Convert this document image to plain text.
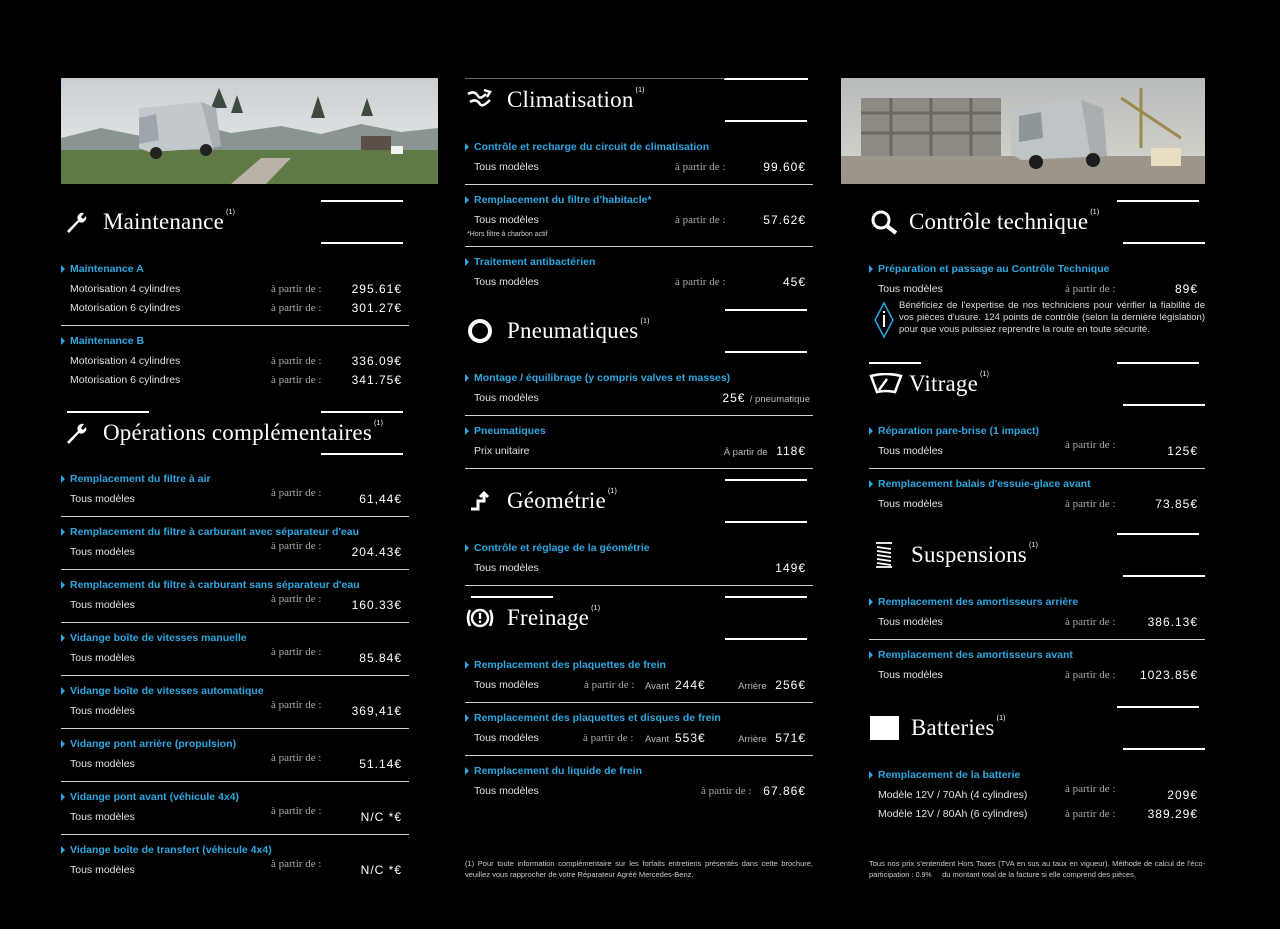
Maintenance $^{(1)}$
Maintenance A
Motorisation 4 cylindres	à partir de :	295.61€
Motorisation 6 cylindres	à partir de :	301.27€
Maintenance B
Motorisation 4 cylindres	à partir de :	336.09€
Motorisation 6 cylindres	à partir de :	341.75€
Opérations complémentaires $^{(1)}$
Remplacement du filtre à air
Tous modèles	à partir de :	61,44€
Remplacement du filtre à carburant avec séparateur d'eau
Tous modèles	à partir de :	204.43€
Remplacement du filtre à carburant sans séparateur d'eau
Tous modèles	à partir de :	160.33€
Vidange boîte de vitesses manuelle
Tous modèles	à partir de :	85.84€
Vidange boîte de vitesses automatique
Tous modèles	à partir de :	369,41€
Vidange pont arrière (propulsion)
Tous modèles	à partir de :	51.14€
Vidange pont avant (véhicule 4x4)
Tous modèles	à partir de :	N/C *€
Vidange boîte de transfert (véhicule 4x4)
Tous modèles	à partir de :	N/C *€
Climatisation $^{(1)}$
Contrôle et recharge du circuit de climatisation
Tous modèles	à partir de :	99.60€
Remplacement du filtre d'habitacle*
Tous modèles	à partir de :	57.62€
*Hors filtre à charbon actif
Traitement antibactérien
Tous modèles	à partir de :	45€
Pneumatiques $^{(1)}$
Montage / équilibrage (y compris valves et masses)
Tous modèles	25€ / pneumatique
Pneumatiques
Prix unitaire	À partir de 118€
Géométrie $^{(1)}$
Contrôle et réglage de la géométrie
Tous modèles	149€
Freinage $^{(1)}$
Remplacement des plaquettes de frein
Tous modèles	à partir de : Avant 244€	Arrière 256€
Remplacement des plaquettes et disques de frein
Tous modèles	à partir de : Avant 553€	Arrière 571€
Remplacement du liquide de frein
Tous modèles	à partir de : 67.86€
(1) Pour toute information complémentaire sur les forfaits entretiens présentés dans cette brochure, veuillez vous rapprocher de votre Réparateur Agréé Mercedes-Benz.
Contrôle technique $^{(1)}$
Préparation et passage au Contrôle Technique
Tous modèles	à partir de :	89€
Bénéficiez de l'expertise de nos techniciens pour vérifier la fiabilité de vos pièces d'usure. 124 points de contrôle (selon la dernière législation) pour que vous puissiez reprendre la route en toute sécurité.
Vitrage $^{(1)}$
Réparation pare-brise (1 impact)
Tous modèles	à partir de :	125€
Remplacement balais d'essuie-glace avant
Tous modèles	à partir de :	73.85€
Suspensions $^{(1)}$
Remplacement des amortisseurs arrière
Tous modèles	à partir de :	386.13€
Remplacement des amortisseurs avant
Tous modèles	à partir de : 1023.85€
Batteries $^{(1)}$
Remplacement de la batterie
Modèle 12V / 70Ah (4 cylindres)	à partir de :	209€
Modèle 12V / 80Ah (6 cylindres)	à partir de :	389.29€
Tous nos prix s'entendent Hors Taxes (TVA en sus au taux en vigueur). Méthode de calcul de l'éco-participation : 0.9% du montant total de la facture si elle comprend des pièces.
